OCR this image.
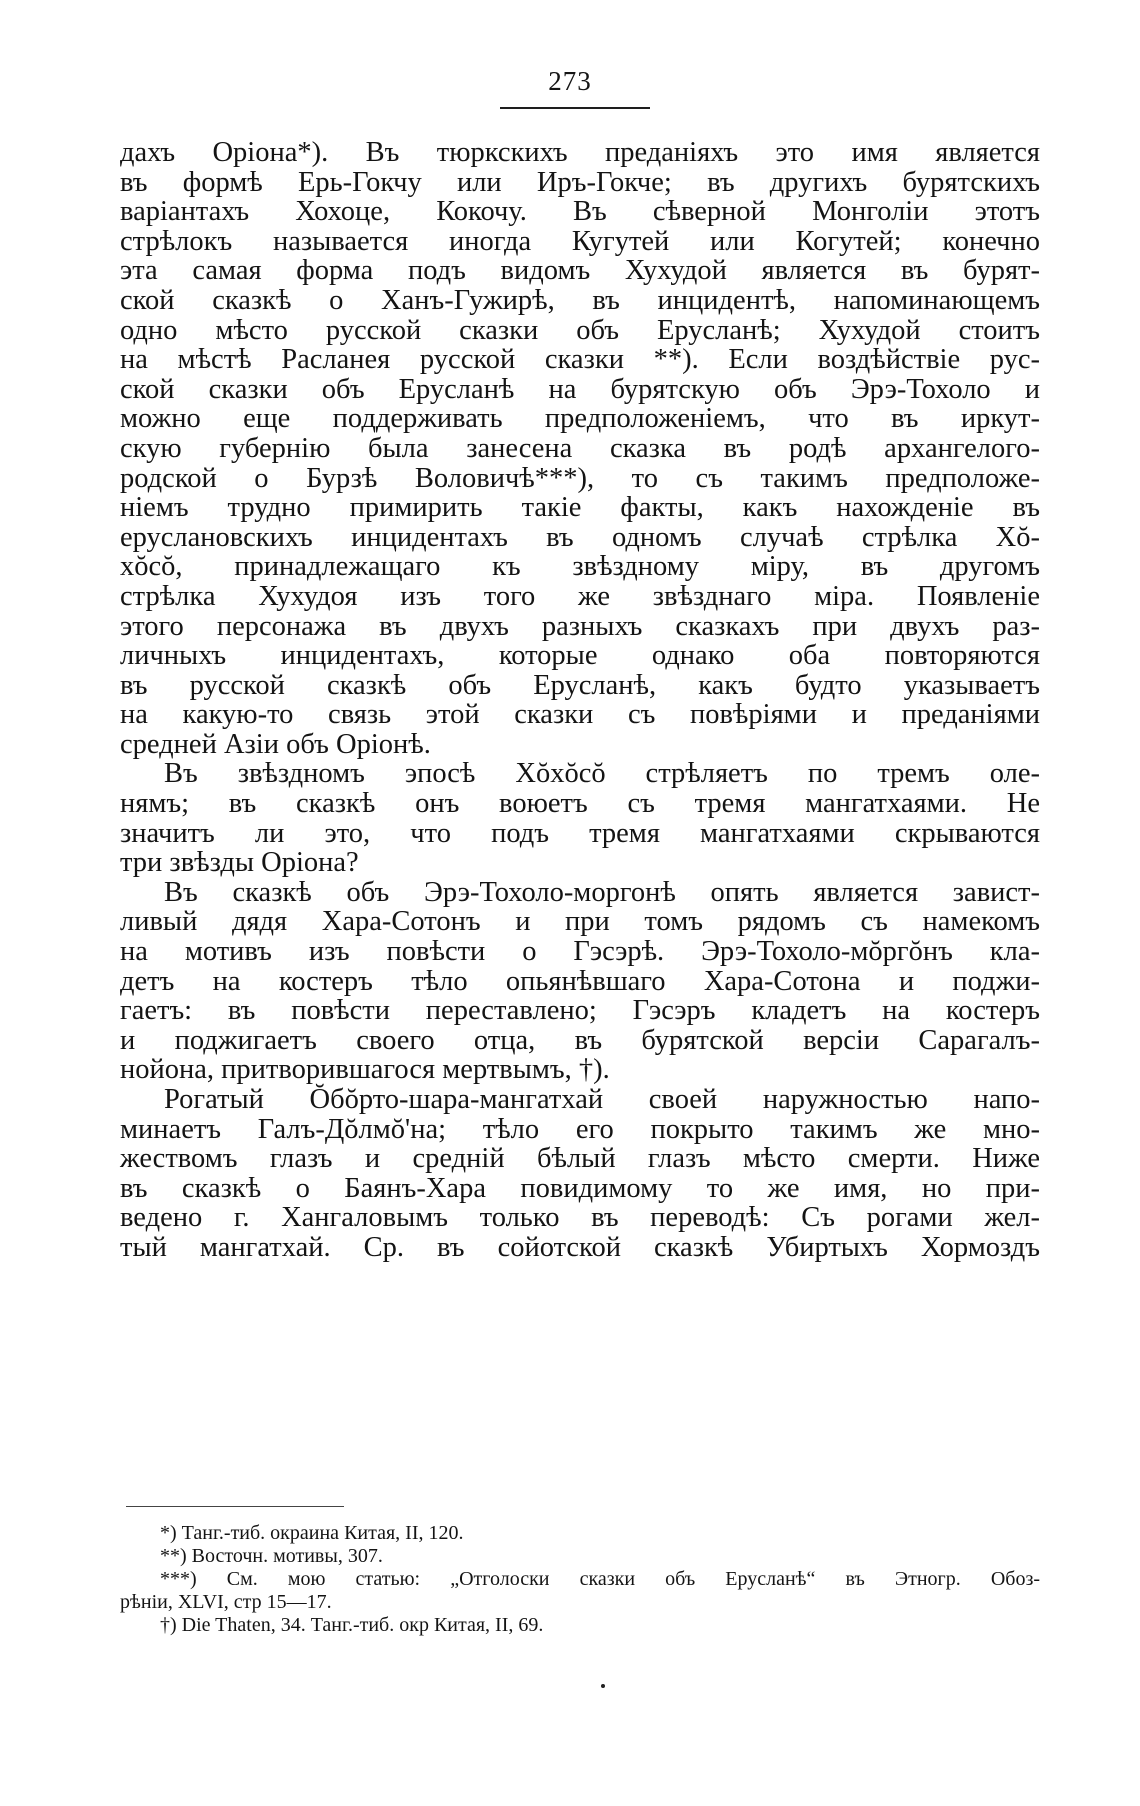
273
дахъ Оріона*). Въ тюркскихъ преданіяхъ это имя является
въ формѣ Ерь-Гокчу или Иръ-Гокче; въ другихъ бурятскихъ
варіантахъ Хохоце, Кокочу. Въ сѣверной Монголіи этотъ
стрѣлокъ называется иногда Кугутей или Когутей; конечно
эта самая форма подъ видомъ Хухудой является въ бурят-
ской сказкѣ о Ханъ-Гужирѣ, въ инцидентѣ, напоминающемъ
одно мѣсто русской сказки объ Ерусланѣ; Хухудой стоитъ
на мѣстѣ Расланея русской сказки **). Если воздѣйствіе рус-
ской сказки объ Ерусланѣ на бурятскую объ Эрэ-Тохоло и
можно еще поддерживать предположеніемъ, что въ иркут-
скую губернію была занесена сказка въ родѣ архангелого-
родской о Бурзѣ Воловичѣ***), то съ такимъ предположе-
ніемъ трудно примирить такіе факты, какъ нахожденіе въ
еруслановскихъ инцидентахъ въ одномъ случаѣ стрѣлка Хŏ-
хŏсŏ, принадлежащаго къ звѣздному міру, въ другомъ
стрѣлка Хухудоя изъ того же звѣзднаго міра. Появленіе
этого персонажа въ двухъ разныхъ сказкахъ при двухъ раз-
личныхъ инцидентахъ, которые однако оба повторяются
въ русской сказкѣ объ Ерусланѣ, какъ будто указываетъ
на какую-то связь этой сказки съ повѣріями и преданіями
средней Азіи объ Оріонѣ.
Въ звѣздномъ эпосѣ Хŏхŏсŏ стрѣляетъ по тремъ оле-
нямъ; въ сказкѣ онъ воюетъ съ тремя мангатхаями. Не
значитъ ли это, что подъ тремя мангатхаями скрываются
три звѣзды Оріона?
Въ сказкѣ объ Эрэ-Тохоло-моргонѣ опять является завист-
ливый дядя Хара-Сотонъ и при томъ рядомъ съ намекомъ
на мотивъ изъ повѣсти о Гэсэрѣ. Эрэ-Тохоло-мŏргŏнъ кла-
детъ на костеръ тѣло опьянѣвшаго Хара-Сотона и поджи-
гаетъ: въ повѣсти переставлено; Гэсэръ кладетъ на костеръ
и поджигаетъ своего отца, въ бурятской версіи Сарагалъ-
нойона, притворившагося мертвымъ, †).
Рогатый Ŏбŏрто-шара-мангатхай своей наружностью напо-
минаетъ Галъ-Дŏлмŏ'на; тѣло его покрыто такимъ же мно-
жествомъ глазъ и средній бѣлый глазъ мѣсто смерти. Ниже
въ сказкѣ о Баянъ-Хара повидимому то же имя, но при-
ведено г. Хангаловымъ только въ переводѣ: Съ рогами жел-
тый мангатхай. Ср. въ сойотской сказкѣ Убиртыхъ Хормоздъ
*) Танг.-тиб. окраина Китая, II, 120.
**) Восточн. мотивы, 307.
***) См. мою статью: „Отголоски сказки объ Ерусланѣ“ въ Этногр. Обоз-
рѣніи, XLVI, стр 15—17.
†) Die Thaten, 34. Танг.-тиб. окр Китая, II, 69.
